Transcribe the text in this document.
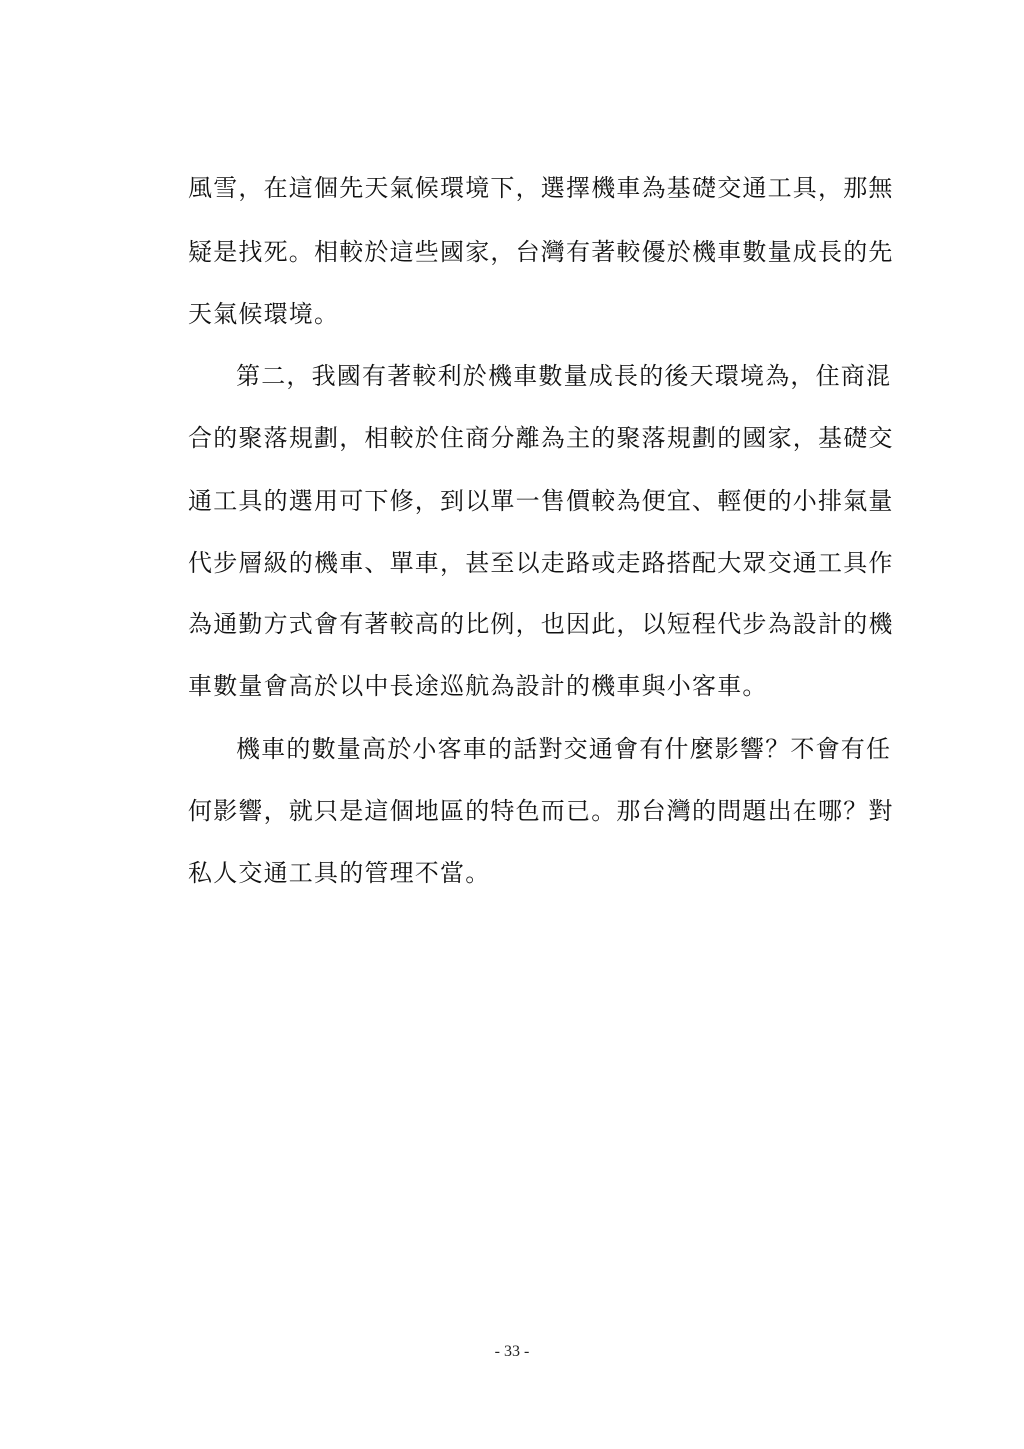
風雪，在這個先天氣候環境下，選擇機車為基礎交通工具，那無
疑是找死。相較於這些國家，台灣有著較優於機車數量成長的先
天氣候環境。
第二，我國有著較利於機車數量成長的後天環境為，住商混
合的聚落規劃，相較於住商分離為主的聚落規劃的國家，基礎交
通工具的選用可下修，到以單一售價較為便宜、輕便的小排氣量
代步層級的機車、單車，甚至以走路或走路搭配大眾交通工具作
為通勤方式會有著較高的比例，也因此，以短程代步為設計的機
車數量會高於以中長途巡航為設計的機車與小客車。
機車的數量高於小客車的話對交通會有什麼影響？不會有任
何影響，就只是這個地區的特色而已。那台灣的問題出在哪？對
私人交通工具的管理不當。
- 33 -
